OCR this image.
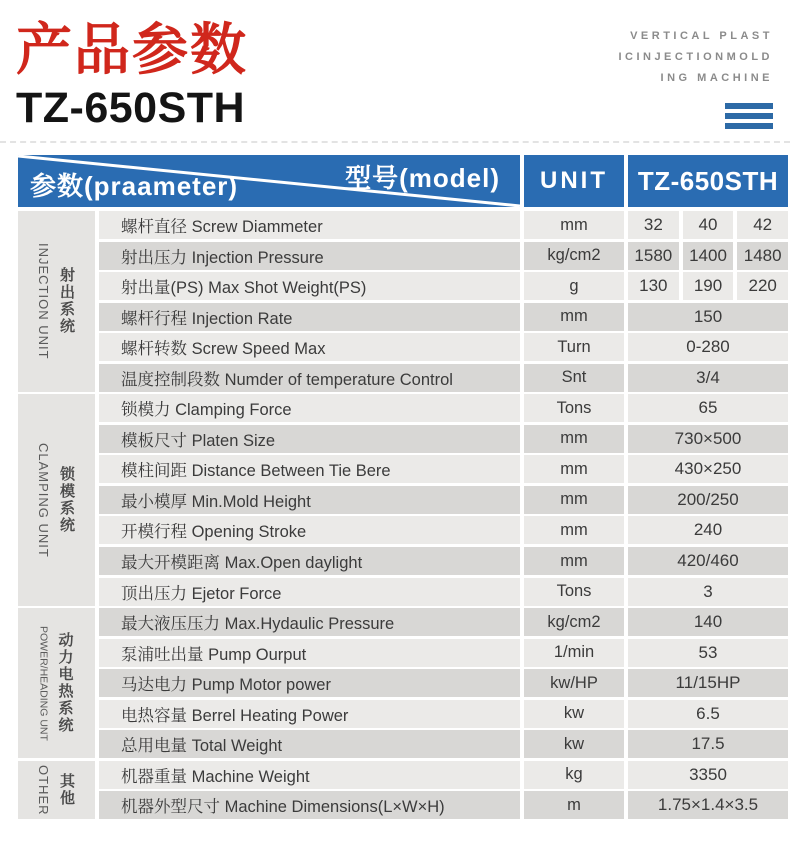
产品参数
TZ-650STH
VERTICAL PLAST
ICINJECTIONMOLD
ING MACHINE
型号(model)
参数(praameter)	UNIT	TZ-650STH
INJECTION UNIT 射出系统
CLAMPING UNIT 锁模系统
POWER/HEADING UNT 动力电热系统
OTHER 其他
螺杆直径 Screw Diammeter	mm	32	40	42
射出压力 Injection Pressure	kg/cm2	1580 1400 1480
射出量(PS) Max Shot Weight(PS)	g	130	190	220
螺杆行程 Injection Rate	mm	150
螺杆转数 Screw Speed Max	Turn	0-280
温度控制段数 Numder of temperature Control	Snt	3/4
锁模力 Clamping Force	Tons	65
模板尺寸 Platen Size	mm	730×500
模柱间距 Distance Between Tie Bere	mm	430×250
最小模厚 Min.Mold Height	mm	200/250
开模行程 Opening Stroke	mm	240
最大开模距离 Max.Open daylight	mm	420/460
顶出压力 Ejetor Force	Tons	3
最大液压压力 Max.Hydaulic Pressure	kg/cm2	140
泵浦吐出量 Pump Ourput	1/min	53
马达电力 Pump Motor power	kw/HP	11/15HP
电热容量 Berrel Heating Power	kw	6.5
总用电量 Total Weight	kw	17.5
机器重量 Machine Weight	kg	3350
机器外型尺寸 Machine Dimensions(L×W×H)	m	1.75×1.4×3.5
